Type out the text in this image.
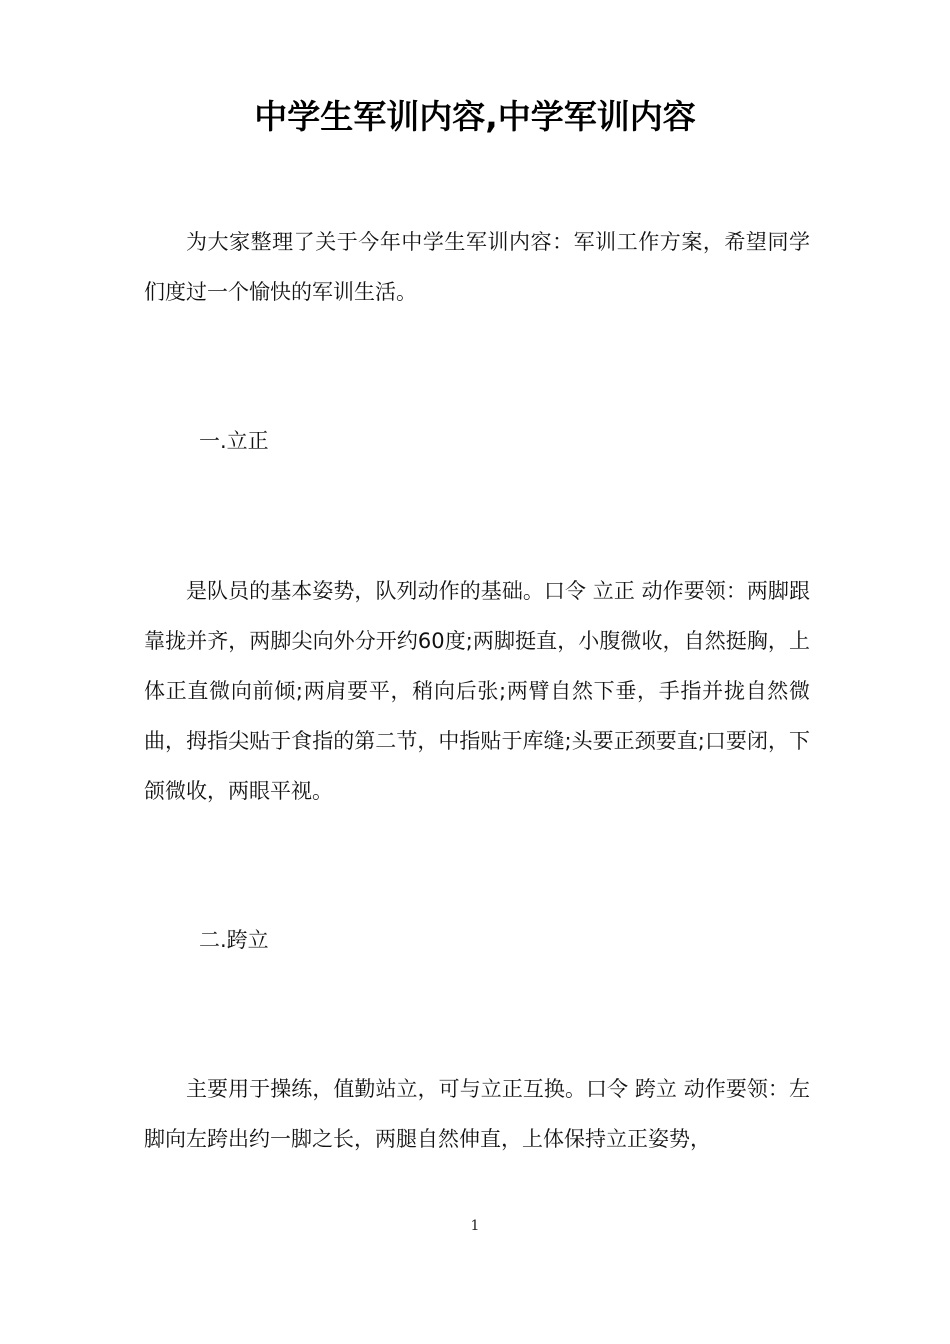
中学生军训内容,中学军训内容

为大家整理了关于今年中学生军训内容：军训工作方案，希望同学们度过一个愉快的军训生活。

一.立正

是队员的基本姿势，队列动作的基础。口令 立正 动作要领：两脚跟靠拢并齐，两脚尖向外分开约60度;两脚挺直，小腹微收，自然挺胸，上体正直微向前倾;两肩要平，稍向后张;两臂自然下垂，手指并拢自然微曲，拇指尖贴于食指的第二节，中指贴于库缝;头要正颈要直;口要闭，下颌微收，两眼平视。

二.跨立

主要用于操练，值勤站立，可与立正互换。口令 跨立 动作要领：左脚向左跨出约一脚之长，两腿自然伸直，上体保持立正姿势，

1
